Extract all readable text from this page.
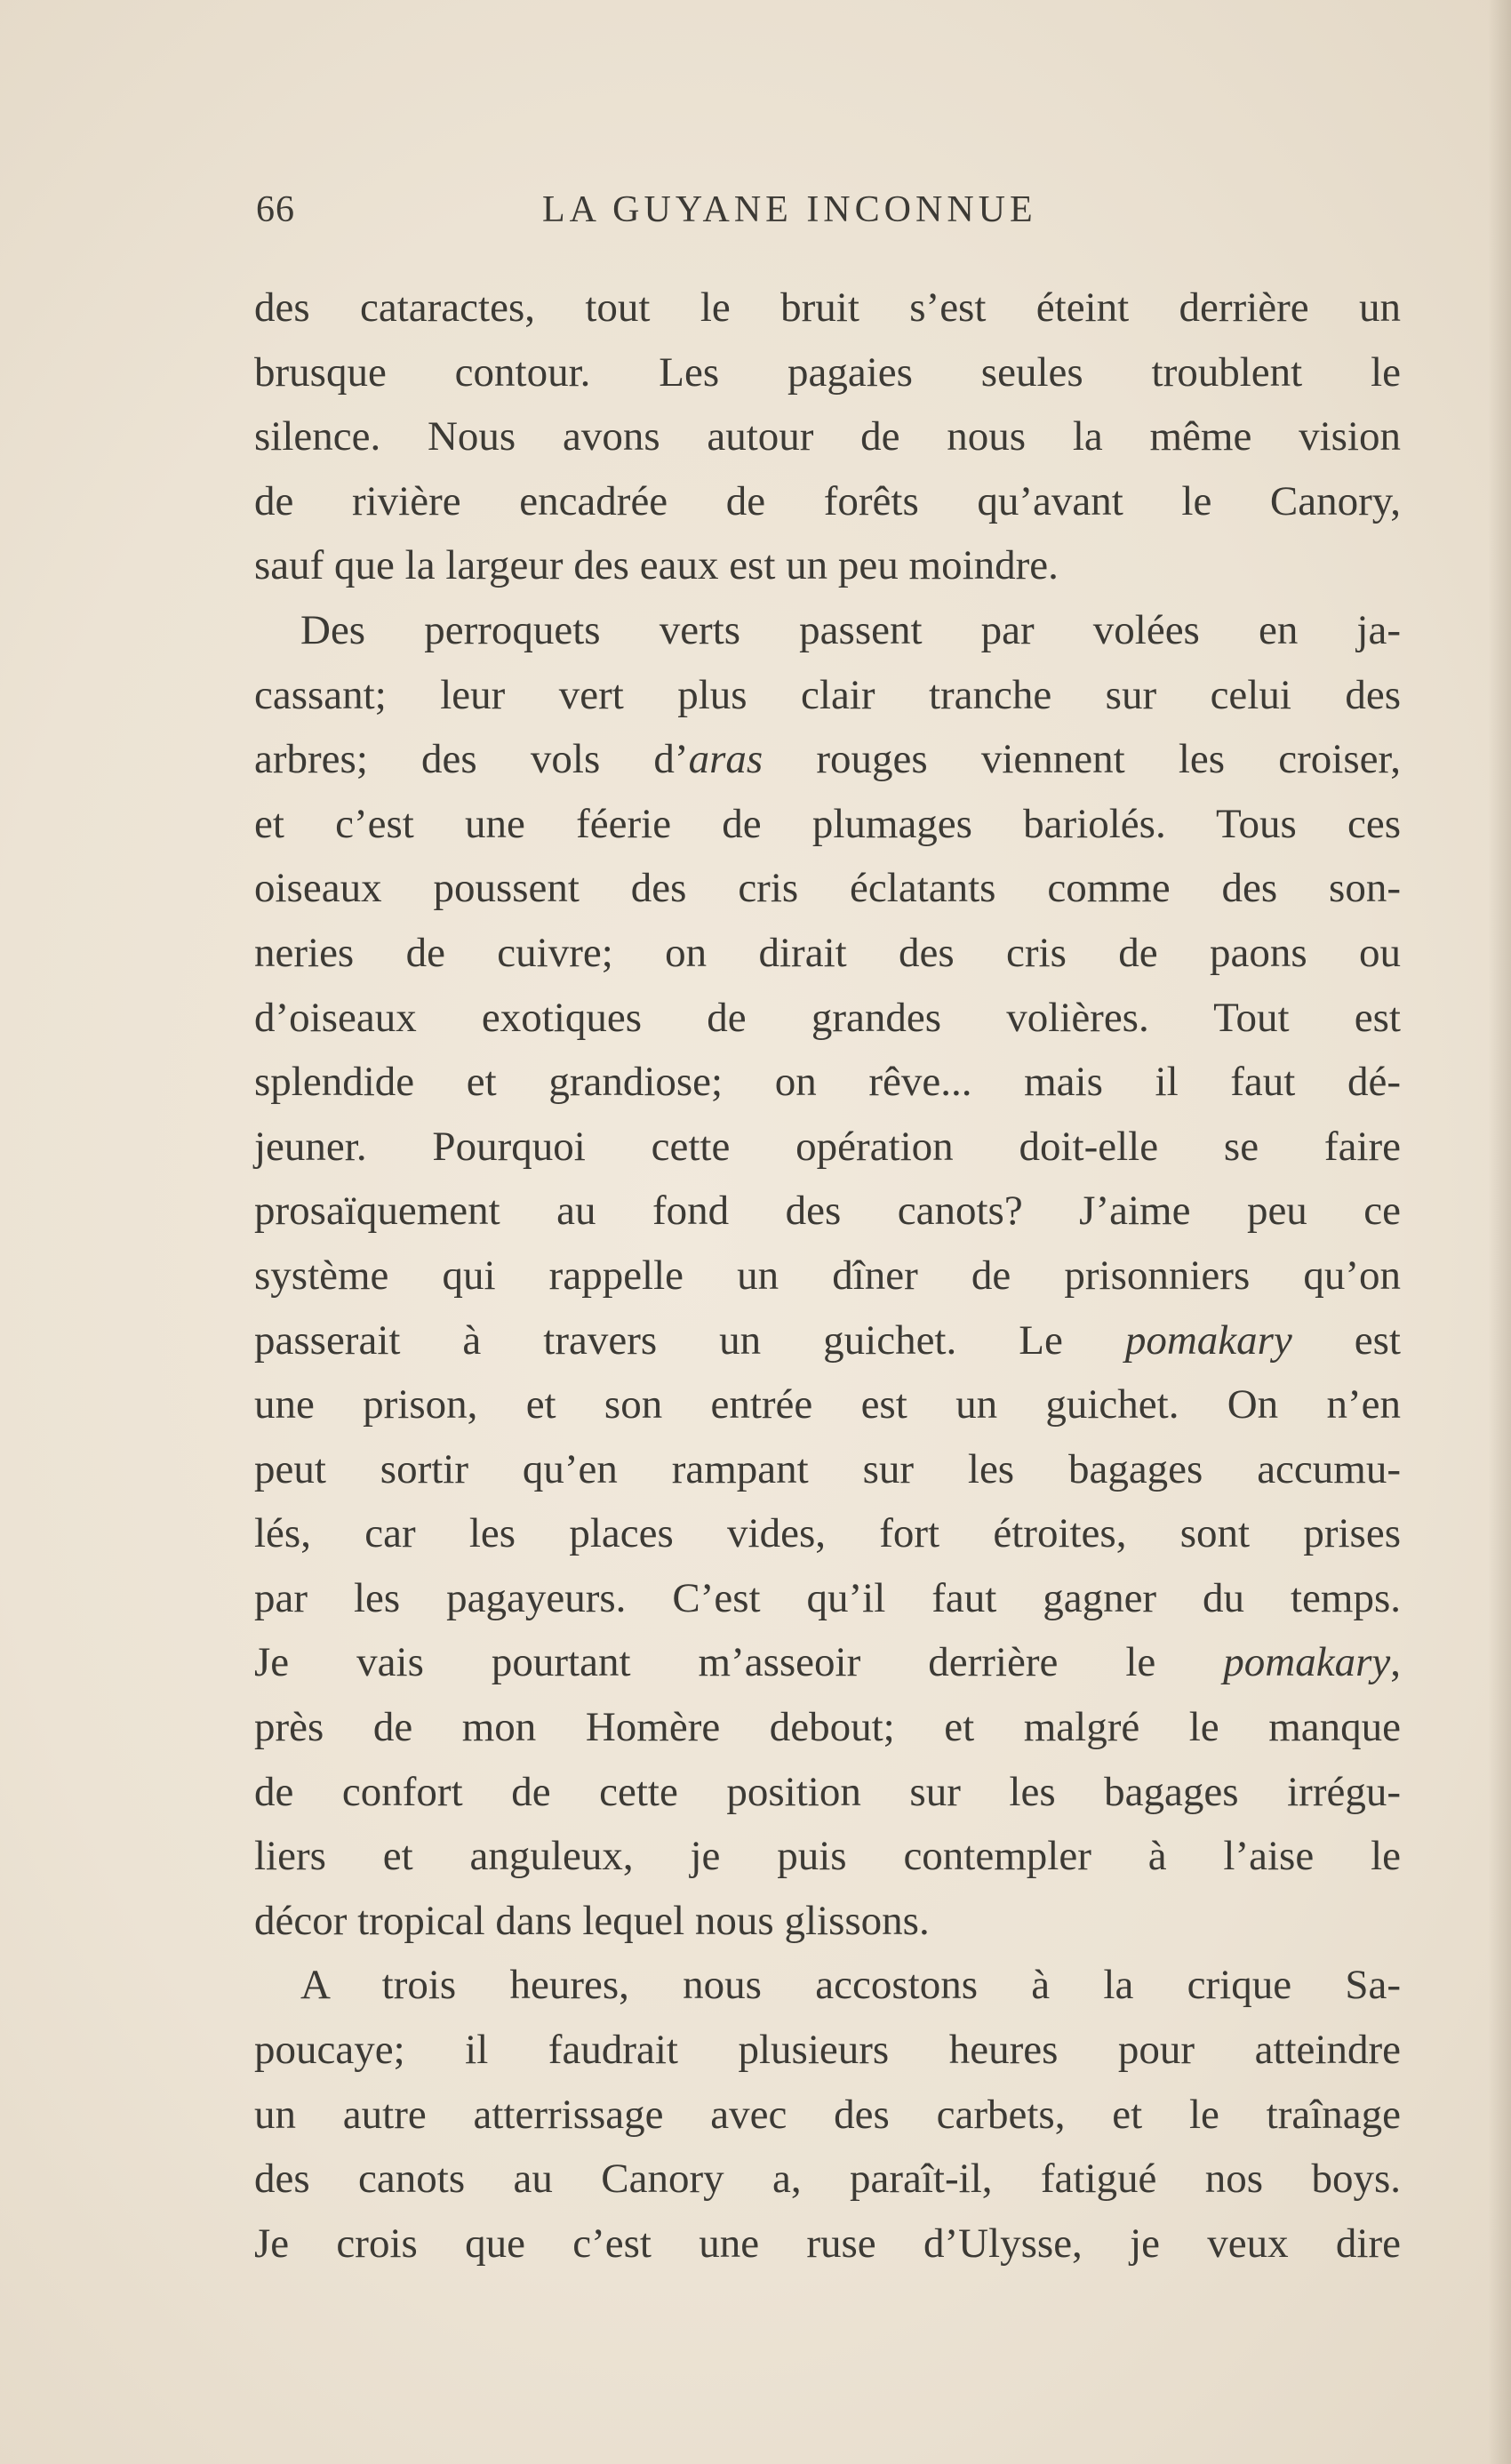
66	LA GUYANE INCONNUE
des cataractes, tout le bruit s’est éteint derrière un
brusque contour. Les pagaies seules troublent le
silence. Nous avons autour de nous la même vision
de rivière encadrée de forêts qu’avant le Canory,
sauf que la largeur des eaux est un peu moindre.
Des perroquets verts passent par volées en ja-
cassant; leur vert plus clair tranche sur celui des
arbres; des vols d’aras rouges viennent les croiser,
et c’est une féerie de plumages bariolés. Tous ces
oiseaux poussent des cris éclatants comme des son-
neries de cuivre; on dirait des cris de paons ou
d’oiseaux exotiques de grandes volières. Tout est
splendide et grandiose; on rêve... mais il faut dé-
jeuner. Pourquoi cette opération doit-elle se faire
prosaïquement au fond des canots? J’aime peu ce
système qui rappelle un dîner de prisonniers qu’on
passerait à travers un guichet. Le pomakary est
une prison, et son entrée est un guichet. On n’en
peut sortir qu’en rampant sur les bagages accumu-
lés, car les places vides, fort étroites, sont prises
par les pagayeurs. C’est qu’il faut gagner du temps.
Je vais pourtant m’asseoir derrière le pomakary,
près de mon Homère debout; et malgré le manque
de confort de cette position sur les bagages irrégu-
liers et anguleux, je puis contempler à l’aise le
décor tropical dans lequel nous glissons.
A trois heures, nous accostons à la crique Sa-
poucaye; il faudrait plusieurs heures pour atteindre
un autre atterrissage avec des carbets, et le traînage
des canots au Canory a, paraît-il, fatigué nos boys.
Je crois que c’est une ruse d’Ulysse, je veux dire
